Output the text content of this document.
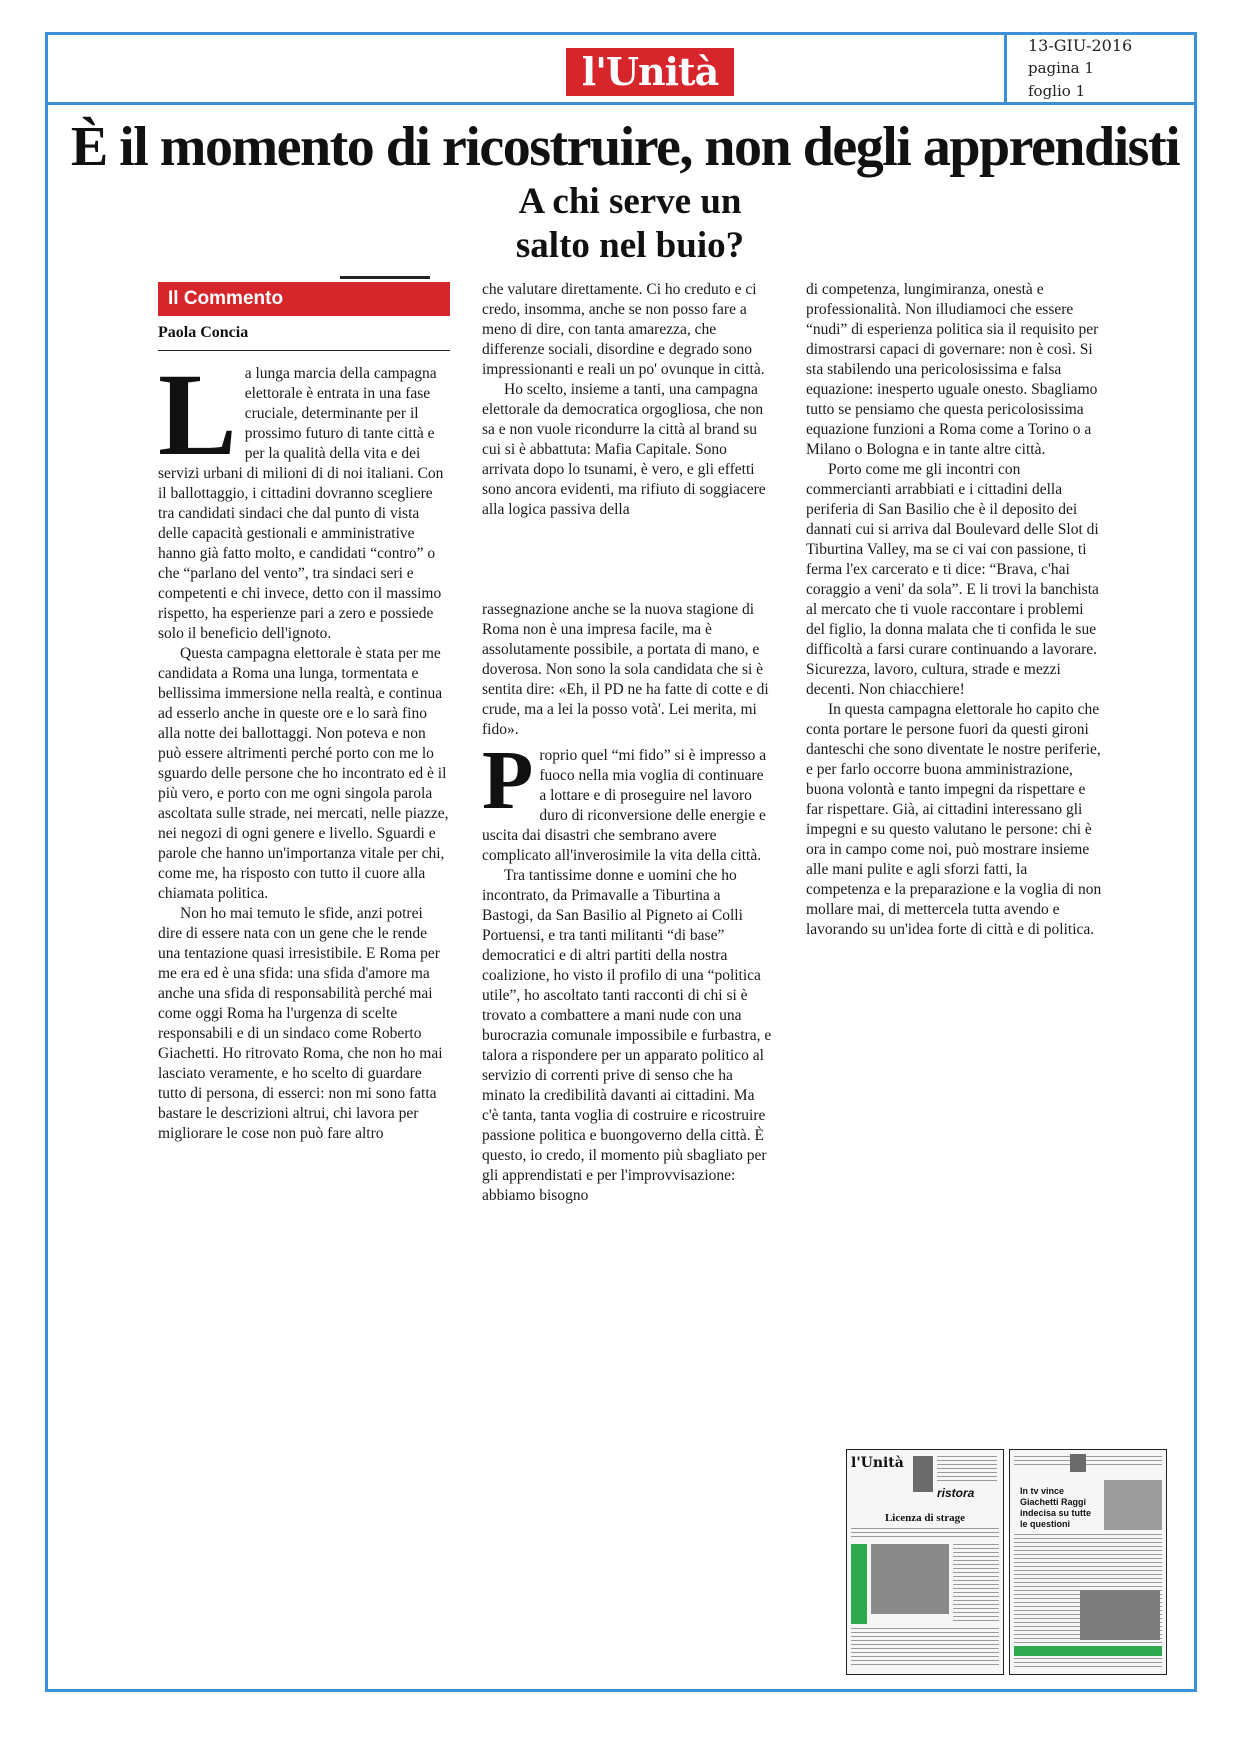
13-GIU-2016
pagina 1
foglio 1
l'Unità
È il momento di ricostruire, non degli apprendisti
A chi serve un
salto nel buio?
Il Commento
Paola Concia

La lunga marcia della campagna elettorale è entrata in una fase cruciale, determinante per il prossimo futuro di tante città e per la qualità della vita e dei servizi urbani di milioni di di noi italiani. Con il ballottaggio, i cittadini dovranno scegliere tra candidati sindaci che dal punto di vista delle capacità gestionali e amministrative hanno già fatto molto, e candidati “contro” o che “parlano del vento”, tra sindaci seri e competenti e chi invece, detto con il massimo rispetto, ha esperienze pari a zero e possiede solo il beneficio dell'ignoto.

Questa campagna elettorale è stata per me candidata a Roma una lunga, tormentata e bellissima immersione nella realtà, e continua ad esserlo anche in queste ore e lo sarà fino alla notte dei ballottaggi. Non poteva e non può essere altrimenti perché porto con me lo sguardo delle persone che ho incontrato ed è il più vero, e porto con me ogni singola parola ascoltata sulle strade, nei mercati, nelle piazze, nei negozi di ogni genere e livello. Sguardi e parole che hanno un'importanza vitale per chi, come me, ha risposto con tutto il cuore alla chiamata politica.

Non ho mai temuto le sfide, anzi potrei dire di essere nata con un gene che le rende una tentazione quasi irresistibile. E Roma per me era ed è una sfida: una sfida d'amore ma anche una sfida di responsabilità perché mai come oggi Roma ha l'urgenza di scelte responsabili e di un sindaco come Roberto Giachetti. Ho ritrovato Roma, che non ho mai lasciato veramente, e ho scelto di guardare tutto di persona, di esserci: non mi sono fatta bastare le descrizioni altrui, chi lavora per migliorare le cose non può fare altro

che valutare direttamente. Ci ho creduto e ci credo, insomma, anche se non posso fare a meno di dire, con tanta amarezza, che differenze sociali, disordine e degrado sono impressionanti e reali un po' ovunque in città.

Ho scelto, insieme a tanti, una campagna elettorale da democratica orgogliosa, che non sa e non vuole ricondurre la città al brand su cui si è abbattuta: Mafia Capitale. Sono arrivata dopo lo tsunami, è vero, e gli effetti sono ancora evidenti, ma rifiuto di soggiacere alla logica passiva della

rassegnazione anche se la nuova stagione di Roma non è una impresa facile, ma è assolutamente possibile, a portata di mano, e doverosa. Non sono la sola candidata che si è sentita dire: «Eh, il PD ne ha fatte di cotte e di crude, ma a lei la posso votà'. Lei merita, mi fido».

Proprio quel “mi fido” si è impresso a fuoco nella mia voglia di continuare a lottare e di proseguire nel lavoro duro di riconversione delle energie e uscita dai disastri che sembrano avere complicato all'inverosimile la vita della città.

Tra tantissime donne e uomini che ho incontrato, da Primavalle a Tiburtina a Bastogi, da San Basilio al Pigneto ai Colli Portuensi, e tra tanti militanti “di base” democratici e di altri partiti della nostra coalizione, ho visto il profilo di una “politica utile”, ho ascoltato tanti racconti di chi si è trovato a combattere a mani nude con una burocrazia comunale impossibile e furbastra, e talora a rispondere per un apparato politico al servizio di correnti prive di senso che ha minato la credibilità davanti ai cittadini. Ma c'è tanta, tanta voglia di costruire e ricostruire passione politica e buongoverno della città. È questo, io credo, il momento più sbagliato per gli apprendistati e per l'improvvisazione: abbiamo bisogno

di competenza, lungimiranza, onestà e professionalità. Non illudiamoci che essere “nudi” di esperienza politica sia il requisito per dimostrarsi capaci di governare: non è così. Si sta stabilendo una pericolosissima e falsa equazione: inesperto uguale onesto. Sbagliamo tutto se pensiamo che questa pericolosissima equazione funzioni a Roma come a Torino o a Milano o Bologna e in tante altre città.

Porto come me gli incontri con commercianti arrabbiati e i cittadini della periferia di San Basilio che è il deposito dei dannati cui si arriva dal Boulevard delle Slot di Tiburtina Valley, ma se ci vai con passione, ti ferma l'ex carcerato e ti dice: “Brava, c'hai coraggio a veni' da sola”. E li trovi la banchista al mercato che ti vuole raccontare i problemi del figlio, la donna malata che ti confida le sue difficoltà a farsi curare continuando a lavorare. Sicurezza, lavoro, cultura, strade e mezzi decenti. Non chiacchiere!

In questa campagna elettorale ho capito che conta portare le persone fuori da questi gironi danteschi che sono diventate le nostre periferie, e per farlo occorre buona amministrazione, buona volontà e tanto impegni da rispettare e far rispettare. Già, ai cittadini interessano gli impegni e su questo valutano le persone: chi è ora in campo come noi, può mostrare insieme alle mani pulite e agli sforzi fatti, la competenza e la preparazione e la voglia di non mollare mai, di mettercela tutta avendo e lavorando su un'idea forte di città e di politica.

l'Unità
ristora
Licenza di strage
In tv vince Giachetti Raggi indecisa su tutte le questioni
